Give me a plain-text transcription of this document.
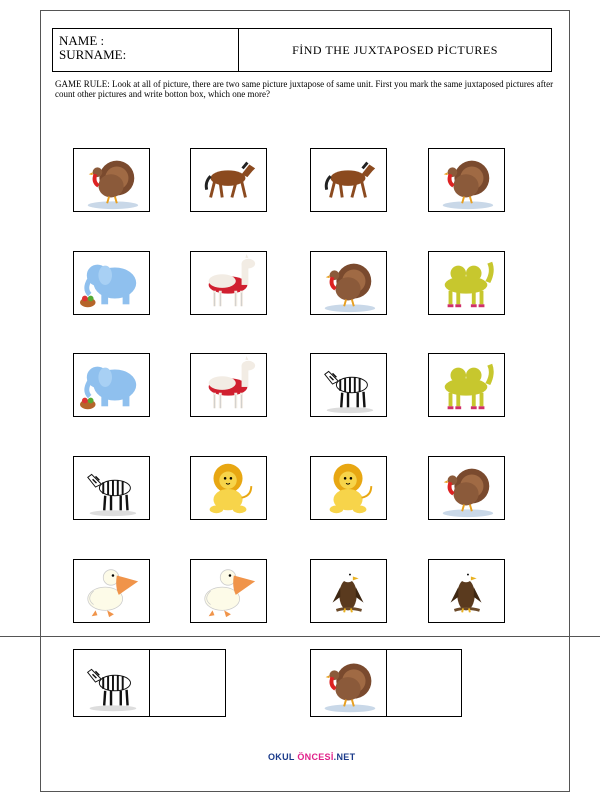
NAME :
SURNAME:	FİND THE JUXTAPOSED PİCTURES
GAME RULE: Look at all of picture, there are two same picture juxtapose of same unit. First you mark the same juxtaposed pictures after count other pictures and write botton box, which one more?
OKUL ÖNCESİ.NET
